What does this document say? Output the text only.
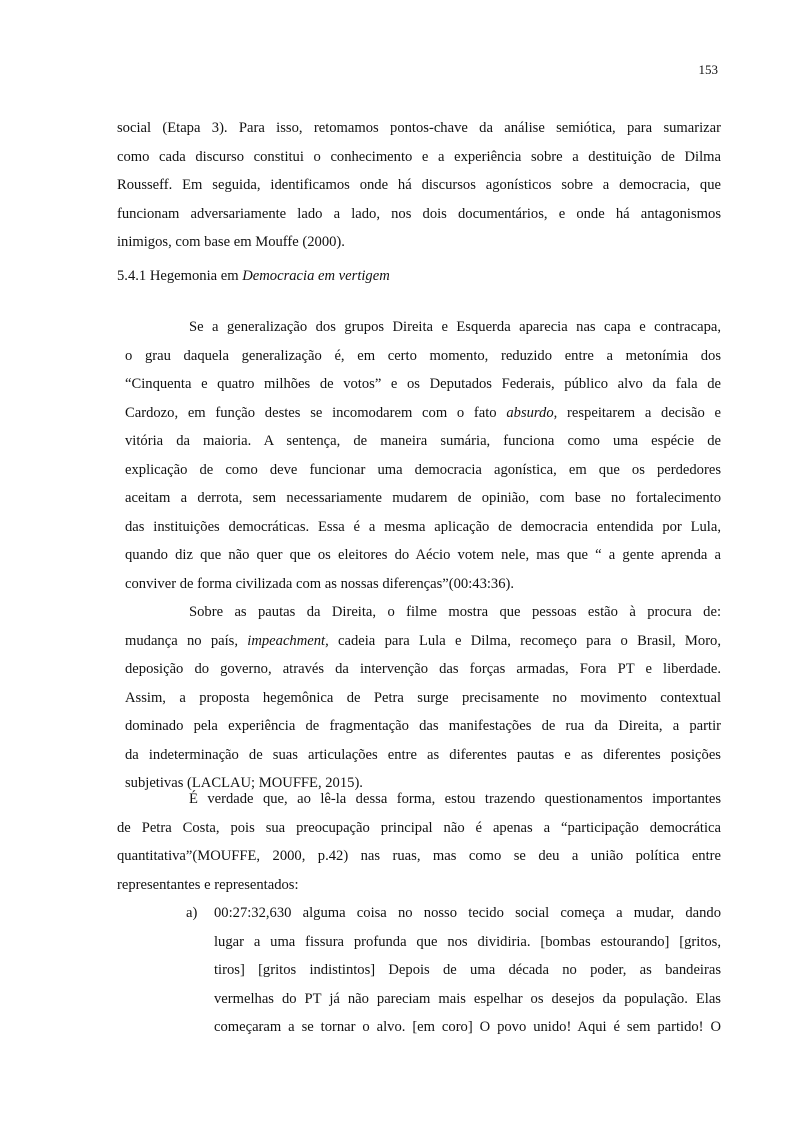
153
social (Etapa 3). Para isso, retomamos pontos-chave da análise semiótica, para sumarizar
como cada discurso constitui o conhecimento e a experiência sobre a destituição de Dilma
Rousseff. Em seguida, identificamos onde há discursos agonísticos sobre a democracia, que
funcionam adversariamente lado a lado, nos dois documentários, e onde há antagonismos
inimigos, com base em Mouffe (2000).
5.4.1 Hegemonia em Democracia em vertigem
Se a generalização dos grupos Direita e Esquerda aparecia nas capa e contracapa,
o grau daquela generalização é, em certo momento, reduzido entre a metonímia dos
“Cinquenta e quatro milhões de votos” e os Deputados Federais, público alvo da fala de
Cardozo, em função destes se incomodarem com o fato absurdo, respeitarem a decisão e
vitória da maioria. A sentença, de maneira sumária, funciona como uma espécie de
explicação de como deve funcionar uma democracia agonística, em que os perdedores
aceitam a derrota, sem necessariamente mudarem de opinião, com base no fortalecimento
das instituições democráticas. Essa é a mesma aplicação de democracia entendida por Lula,
quando diz que não quer que os eleitores do Aécio votem nele, mas que “ a gente aprenda a
conviver de forma civilizada com as nossas diferenças”(00:43:36).
Sobre as pautas da Direita, o filme mostra que pessoas estão à procura de:
mudança no país, impeachment, cadeia para Lula e Dilma, recomeço para o Brasil, Moro,
deposição do governo, através da intervenção das forças armadas, Fora PT e liberdade.
Assim, a proposta hegemônica de Petra surge precisamente no movimento contextual
dominado pela experiência de fragmentação das manifestações de rua da Direita, a partir
da indeterminação de suas articulações entre as diferentes pautas e as diferentes posições
subjetivas (LACLAU; MOUFFE, 2015).
É verdade que, ao lê-la dessa forma, estou trazendo questionamentos importantes
de Petra Costa, pois sua preocupação principal não é apenas a “participação democrática
quantitativa”(MOUFFE, 2000, p.42) nas ruas, mas como se deu a união política entre
representantes e representados:
a) 00:27:32,630 alguma coisa no nosso tecido social começa a mudar, dando
lugar a uma fissura profunda que nos dividiria. [bombas estourando] [gritos,
tiros] [gritos indistintos] Depois de uma década no poder, as bandeiras
vermelhas do PT já não pareciam mais espelhar os desejos da população. Elas
começaram a se tornar o alvo. [em coro] O povo unido! Aqui é sem partido! O
